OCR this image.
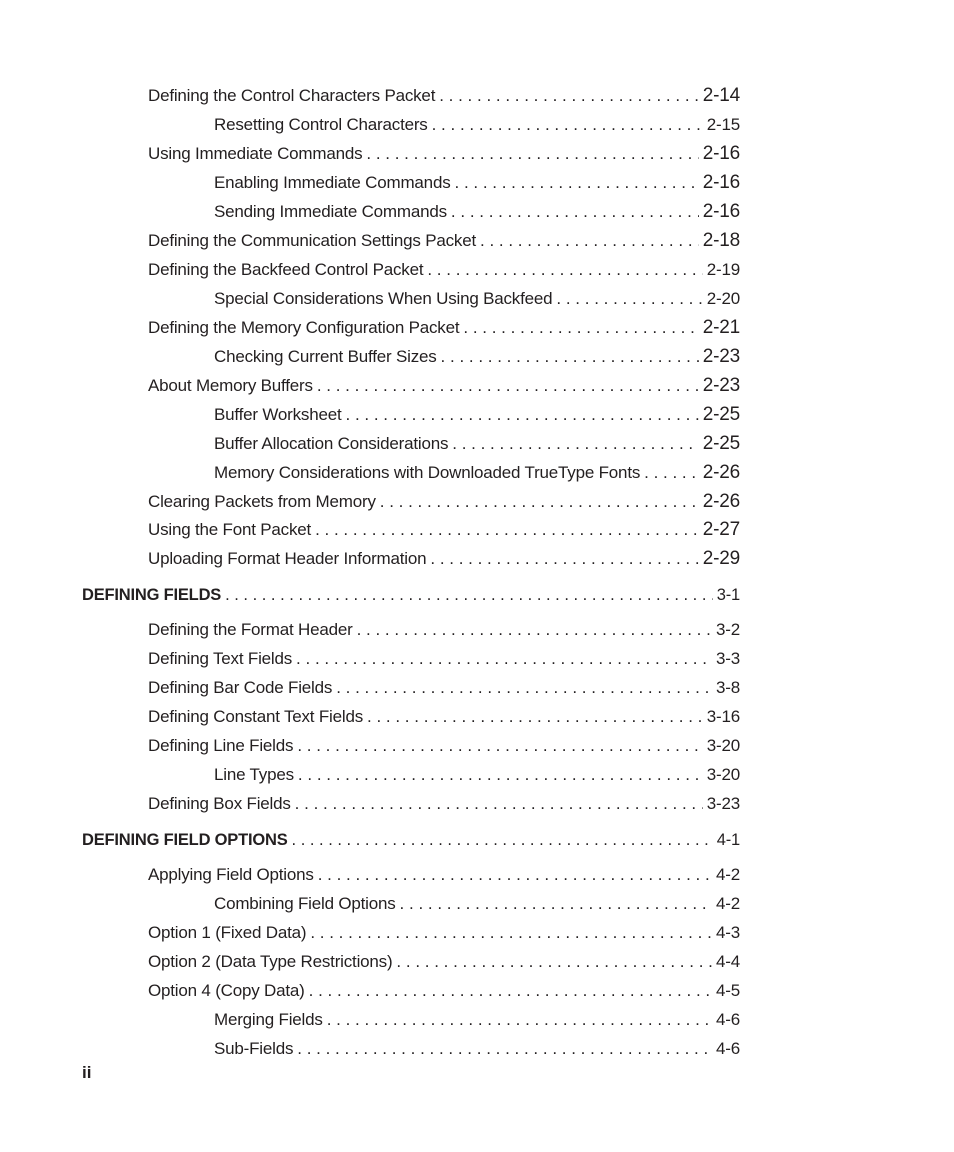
Defining the Control Characters Packet . . .	2-14
Resetting Control Characters . . .	2-15
Using Immediate Commands . . .	2-16
Enabling Immediate Commands . . .	2-16
Sending Immediate Commands . . .	2-16
Defining the Communication Settings Packet . . .	2-18
Defining the Backfeed Control Packet . . .	2-19
Special Considerations When Using Backfeed . . .	2-20
Defining the Memory Configuration Packet . . .	2-21
Checking Current Buffer Sizes . . .	2-23
About Memory Buffers . . .	2-23
Buffer Worksheet . . .	2-25
Buffer Allocation Considerations . . .	2-25
Memory Considerations with Downloaded TrueType Fonts . . .	2-26
Clearing Packets from Memory . . .	2-26
Using the Font Packet . . .	2-27
Uploading Format Header Information . . .	2-29
DEFINING FIELDS . . .	3-1
Defining the Format Header . . .	3-2
Defining Text Fields . . .	3-3
Defining Bar Code Fields . . .	3-8
Defining Constant Text Fields . . .	3-16
Defining Line Fields . . .	3-20
Line Types . . .	3-20
Defining Box Fields . . .	3-23
DEFINING FIELD OPTIONS . . .	4-1
Applying Field Options . . .	4-2
Combining Field Options . . .	4-2
Option 1 (Fixed Data) . . .	4-3
Option 2 (Data Type Restrictions) . . .	4-4
Option 4 (Copy Data) . . .	4-5
Merging Fields . . .	4-6
Sub-Fields . . .	4-6
ii
